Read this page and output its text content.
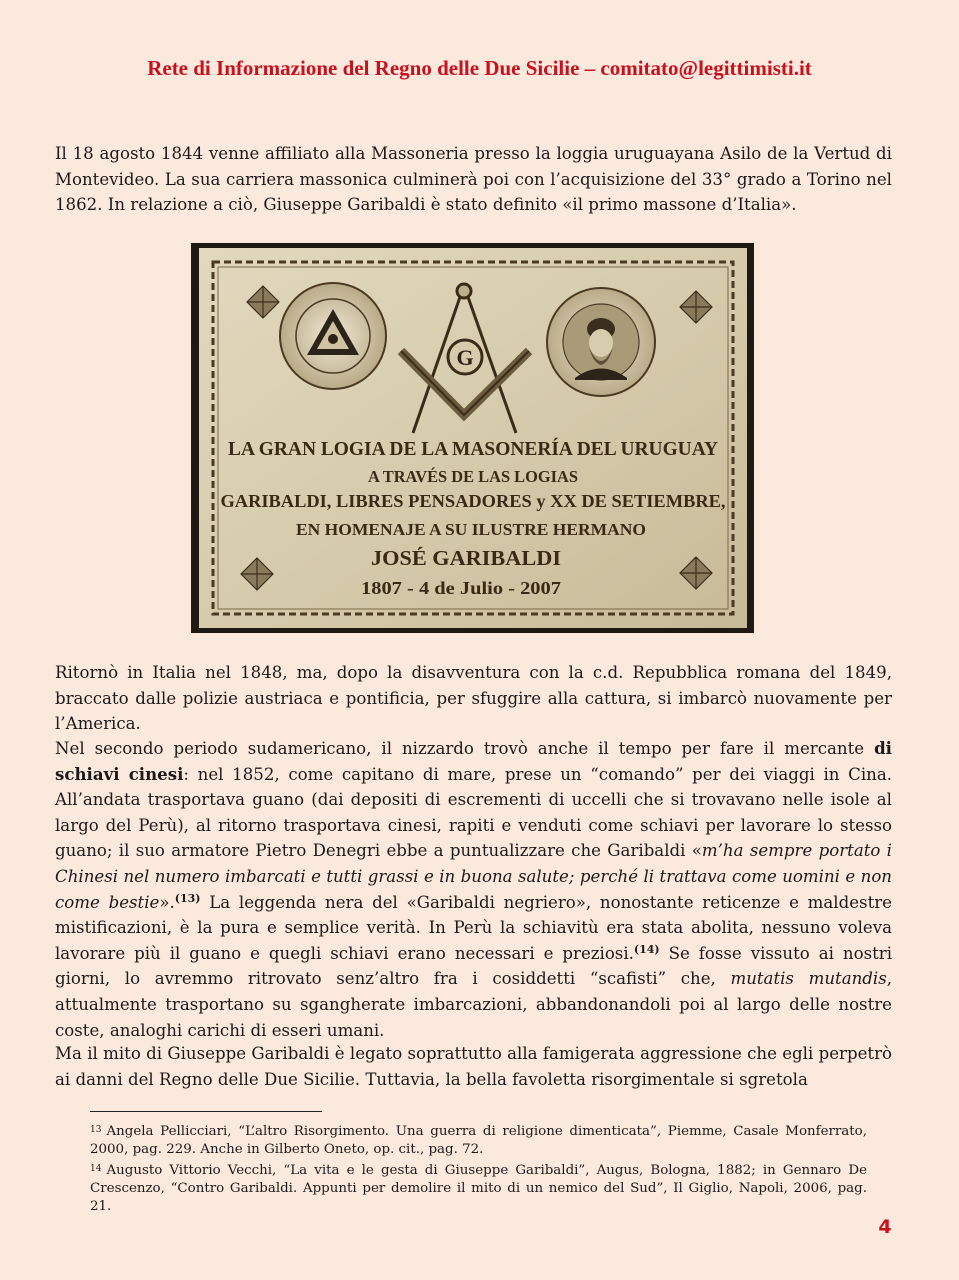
Rete di Informazione del Regno delle Due Sicilie – comitato@legittimisti.it

Il 18 agosto 1844 venne affiliato alla Massoneria presso la loggia uruguayana Asilo de la Vertud di Montevideo. La sua carriera massonica culminerà poi con l’acquisizione del 33° grado a Torino nel 1862. In relazione a ciò, Giuseppe Garibaldi è stato definito «il primo massone d’Italia».

G
LA GRAN LOGIA DE LA MASONERÍA DEL URUGUAY
A TRAVÉS DE LAS LOGIAS
GARIBALDI, LIBRES PENSADORES y XX DE SETIEMBRE,
EN HOMENAJE A SU ILUSTRE HERMANO
JOSÉ GARIBALDI
1807 - 4 de Julio - 2007

Ritornò in Italia nel 1848, ma, dopo la disavventura con la c.d. Repubblica romana del 1849, braccato dalle polizie austriaca e pontificia, per sfuggire alla cattura, si imbarcò nuovamente per l’America.

Nel secondo periodo sudamericano, il nizzardo trovò anche il tempo per fare il mercante di schiavi cinesi: nel 1852, come capitano di mare, prese un “comando” per dei viaggi in Cina. All’andata trasportava guano (dai depositi di escrementi di uccelli che si trovavano nelle isole al largo del Perù), al ritorno trasportava cinesi, rapiti e venduti come schiavi per lavorare lo stesso guano; il suo armatore Pietro Denegri ebbe a puntualizzare che Garibaldi «m’ha sempre portato i Chinesi nel numero imbarcati e tutti grassi e in buona salute; perché li trattava come uomini e non come bestie».$^{(13)}$ La leggenda nera del «Garibaldi negriero», nonostante reticenze e maldestre mistificazioni, è la pura e semplice verità. In Perù la schiavitù era stata abolita, nessuno voleva lavorare più il guano e quegli schiavi erano necessari e preziosi.$^{(14)}$ Se fosse vissuto ai nostri giorni, lo avremmo ritrovato senz’altro fra i cosiddetti “scafisti” che, mutatis mutandis, attualmente trasportano su sgangherate imbarcazioni, abbandonandoli poi al largo delle nostre coste, analoghi carichi di esseri umani.

Ma il mito di Giuseppe Garibaldi è legato soprattutto alla famigerata aggressione che egli perpetrò ai danni del Regno delle Due Sicilie. Tuttavia, la bella favoletta risorgimentale si sgretola

$^{13}$ Angela Pellicciari, “L’altro Risorgimento. Una guerra di religione dimenticata”, Piemme, Casale Monferrato, 2000, pag. 229. Anche in Gilberto Oneto, op. cit., pag. 72.

$^{14}$ Augusto Vittorio Vecchi, “La vita e le gesta di Giuseppe Garibaldi”, Augus, Bologna, 1882; in Gennaro De Crescenzo, “Contro Garibaldi. Appunti per demolire il mito di un nemico del Sud”, Il Giglio, Napoli, 2006, pag. 21.

4
